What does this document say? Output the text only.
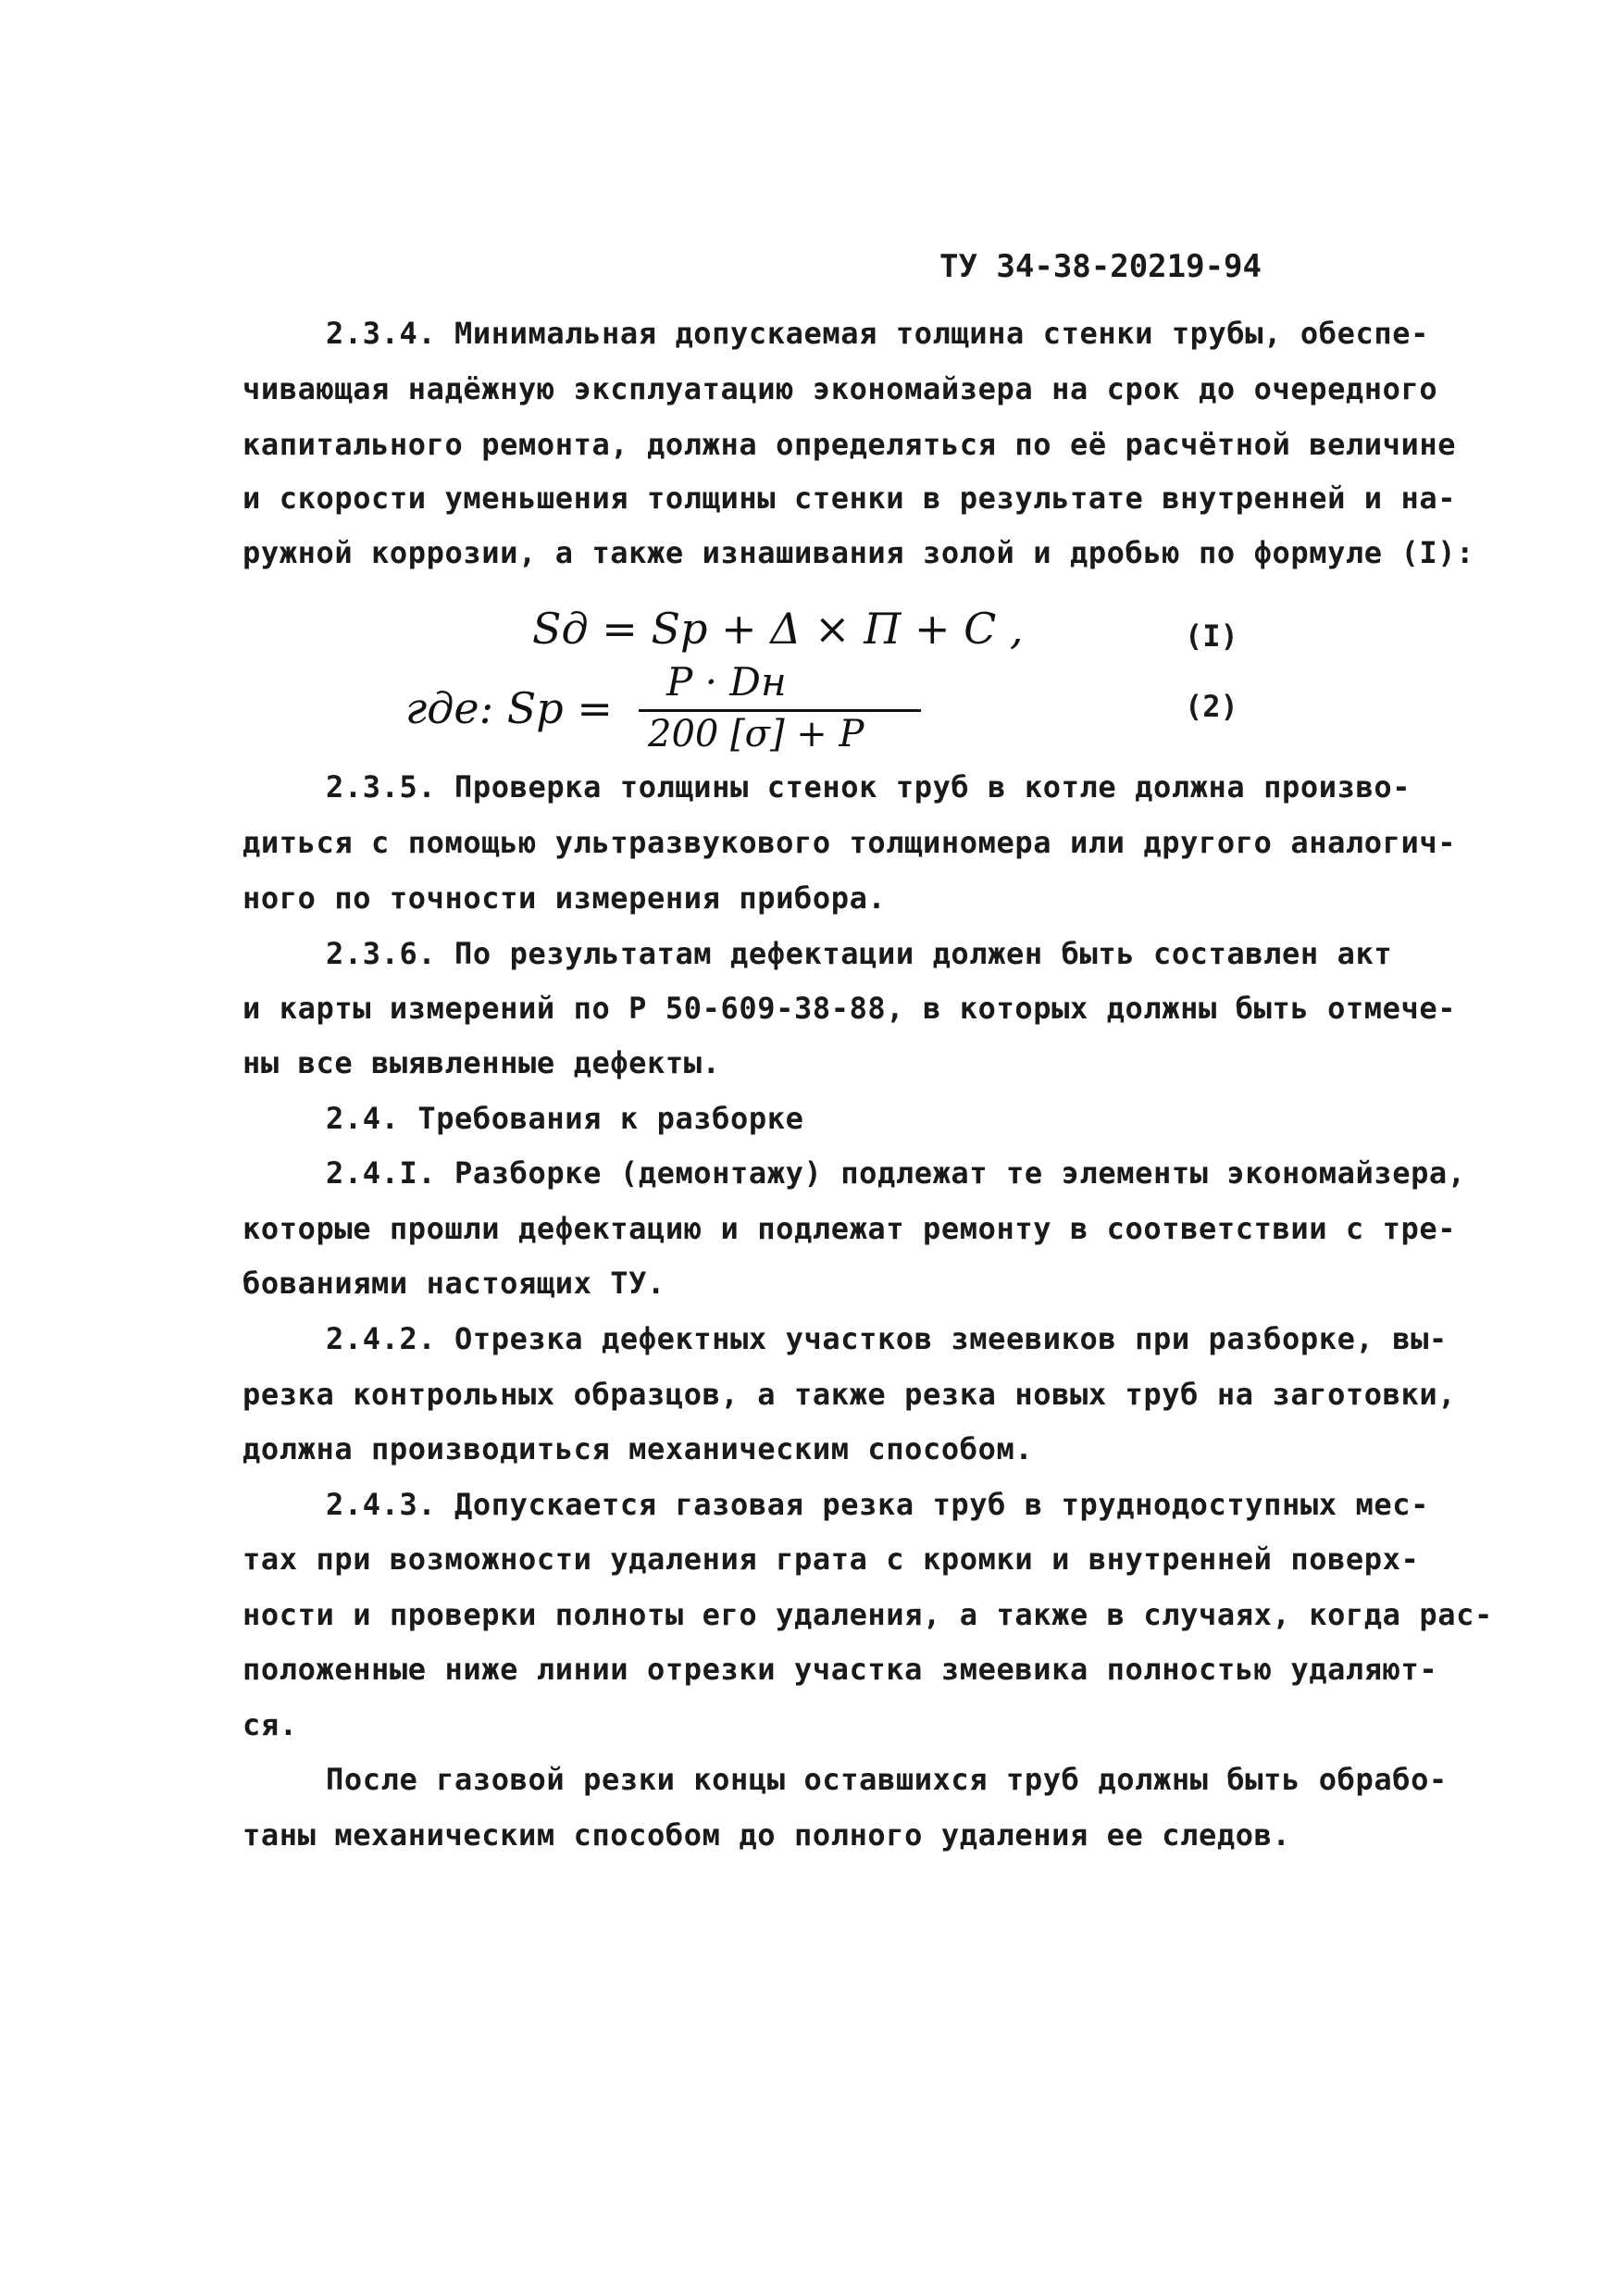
ТУ 34-38-20219-94
2.3.4. Минимальная допускаемая толщина стенки трубы, обеспе-
чивающая надёжную эксплуатацию экономайзера на срок до очередного
капитального ремонта, должна определяться по её расчётной величине
и скорости уменьшения толщины стенки в результате внутренней и на-
ружной коррозии, а также изнашивания золой и дробью по формуле (I):
Sд = Sр + Δ × П + C ,	(I)
где: Sр =
P · Dн
200 [σ] + P
(2)
2.3.5. Проверка толщины стенок труб в котле должна произво-
диться с помощью ультразвукового толщиномера или другого аналогич-
ного по точности измерения прибора.
2.3.6. По результатам дефектации должен быть составлен акт
и карты измерений по Р 50-609-38-88, в которых должны быть отмече-
ны все выявленные дефекты.
2.4. Требования к разборке
2.4.I. Разборке (демонтажу) подлежат те элементы экономайзера,
которые прошли дефектацию и подлежат ремонту в соответствии с тре-
бованиями настоящих ТУ.
2.4.2. Отрезка дефектных участков змеевиков при разборке, вы-
резка контрольных образцов, а также резка новых труб на заготовки,
должна производиться механическим способом.
2.4.3. Допускается газовая резка труб в труднодоступных мес-
тах при возможности удаления грата с кромки и внутренней поверх-
ности и проверки полноты его удаления, а также в случаях, когда рас-
положенные ниже линии отрезки участка змеевика полностью удаляют-
ся.
После газовой резки концы оставшихся труб должны быть обрабо-
таны механическим способом до полного удаления ее следов.
